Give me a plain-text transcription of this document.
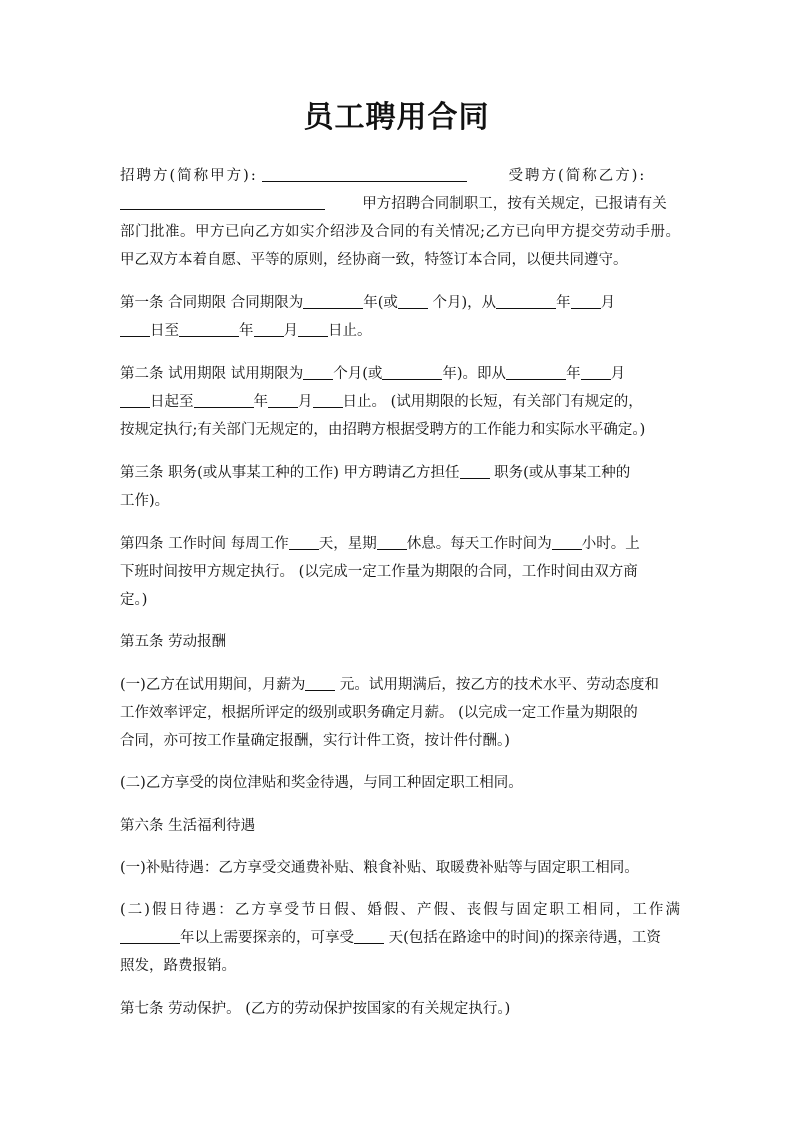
员工聘用合同
招聘方(简称甲方):	受聘方(简称乙方):
甲方招聘合同制职工，按有关规定，已报请有关
部门批准。甲方已向乙方如实介绍涉及合同的有关情况;乙方已向甲方提交劳动手册。
甲乙双方本着自愿、平等的原则，经协商一致，特签订本合同，以便共同遵守。
第一条 合同期限 合同期限为	年(或 个月)，从	年 月
日至	年 月 日止。
第二条 试用期限 试用期限为 个月(或	年)。即从	年 月
日起至	年 月 日止。 (试用期限的长短，有关部门有规定的，
按规定执行;有关部门无规定的，由招聘方根据受聘方的工作能力和实际水平确定。)
第三条 职务(或从事某工种的工作) 甲方聘请乙方担任 职务(或从事某工种的
工作)。
第四条 工作时间 每周工作 天，星期 休息。每天工作时间为 小时。上
下班时间按甲方规定执行。 (以完成一定工作量为期限的合同，工作时间由双方商
定。)
第五条 劳动报酬
(一)乙方在试用期间，月薪为 元。试用期满后，按乙方的技术水平、劳动态度和
工作效率评定，根据所评定的级别或职务确定月薪。 (以完成一定工作量为期限的
合同，亦可按工作量确定报酬，实行计件工资，按计件付酬。)
(二)乙方享受的岗位津贴和奖金待遇，与同工种固定职工相同。
第六条 生活福利待遇
(一)补贴待遇：乙方享受交通费补贴、粮食补贴、取暖费补贴等与固定职工相同。
(二)假日待遇：乙方享受节日假、婚假、产假、丧假与固定职工相同，工作满
年以上需要探亲的，可享受 天(包括在路途中的时间)的探亲待遇，工资
照发，路费报销。
第七条 劳动保护。 (乙方的劳动保护按国家的有关规定执行。)
